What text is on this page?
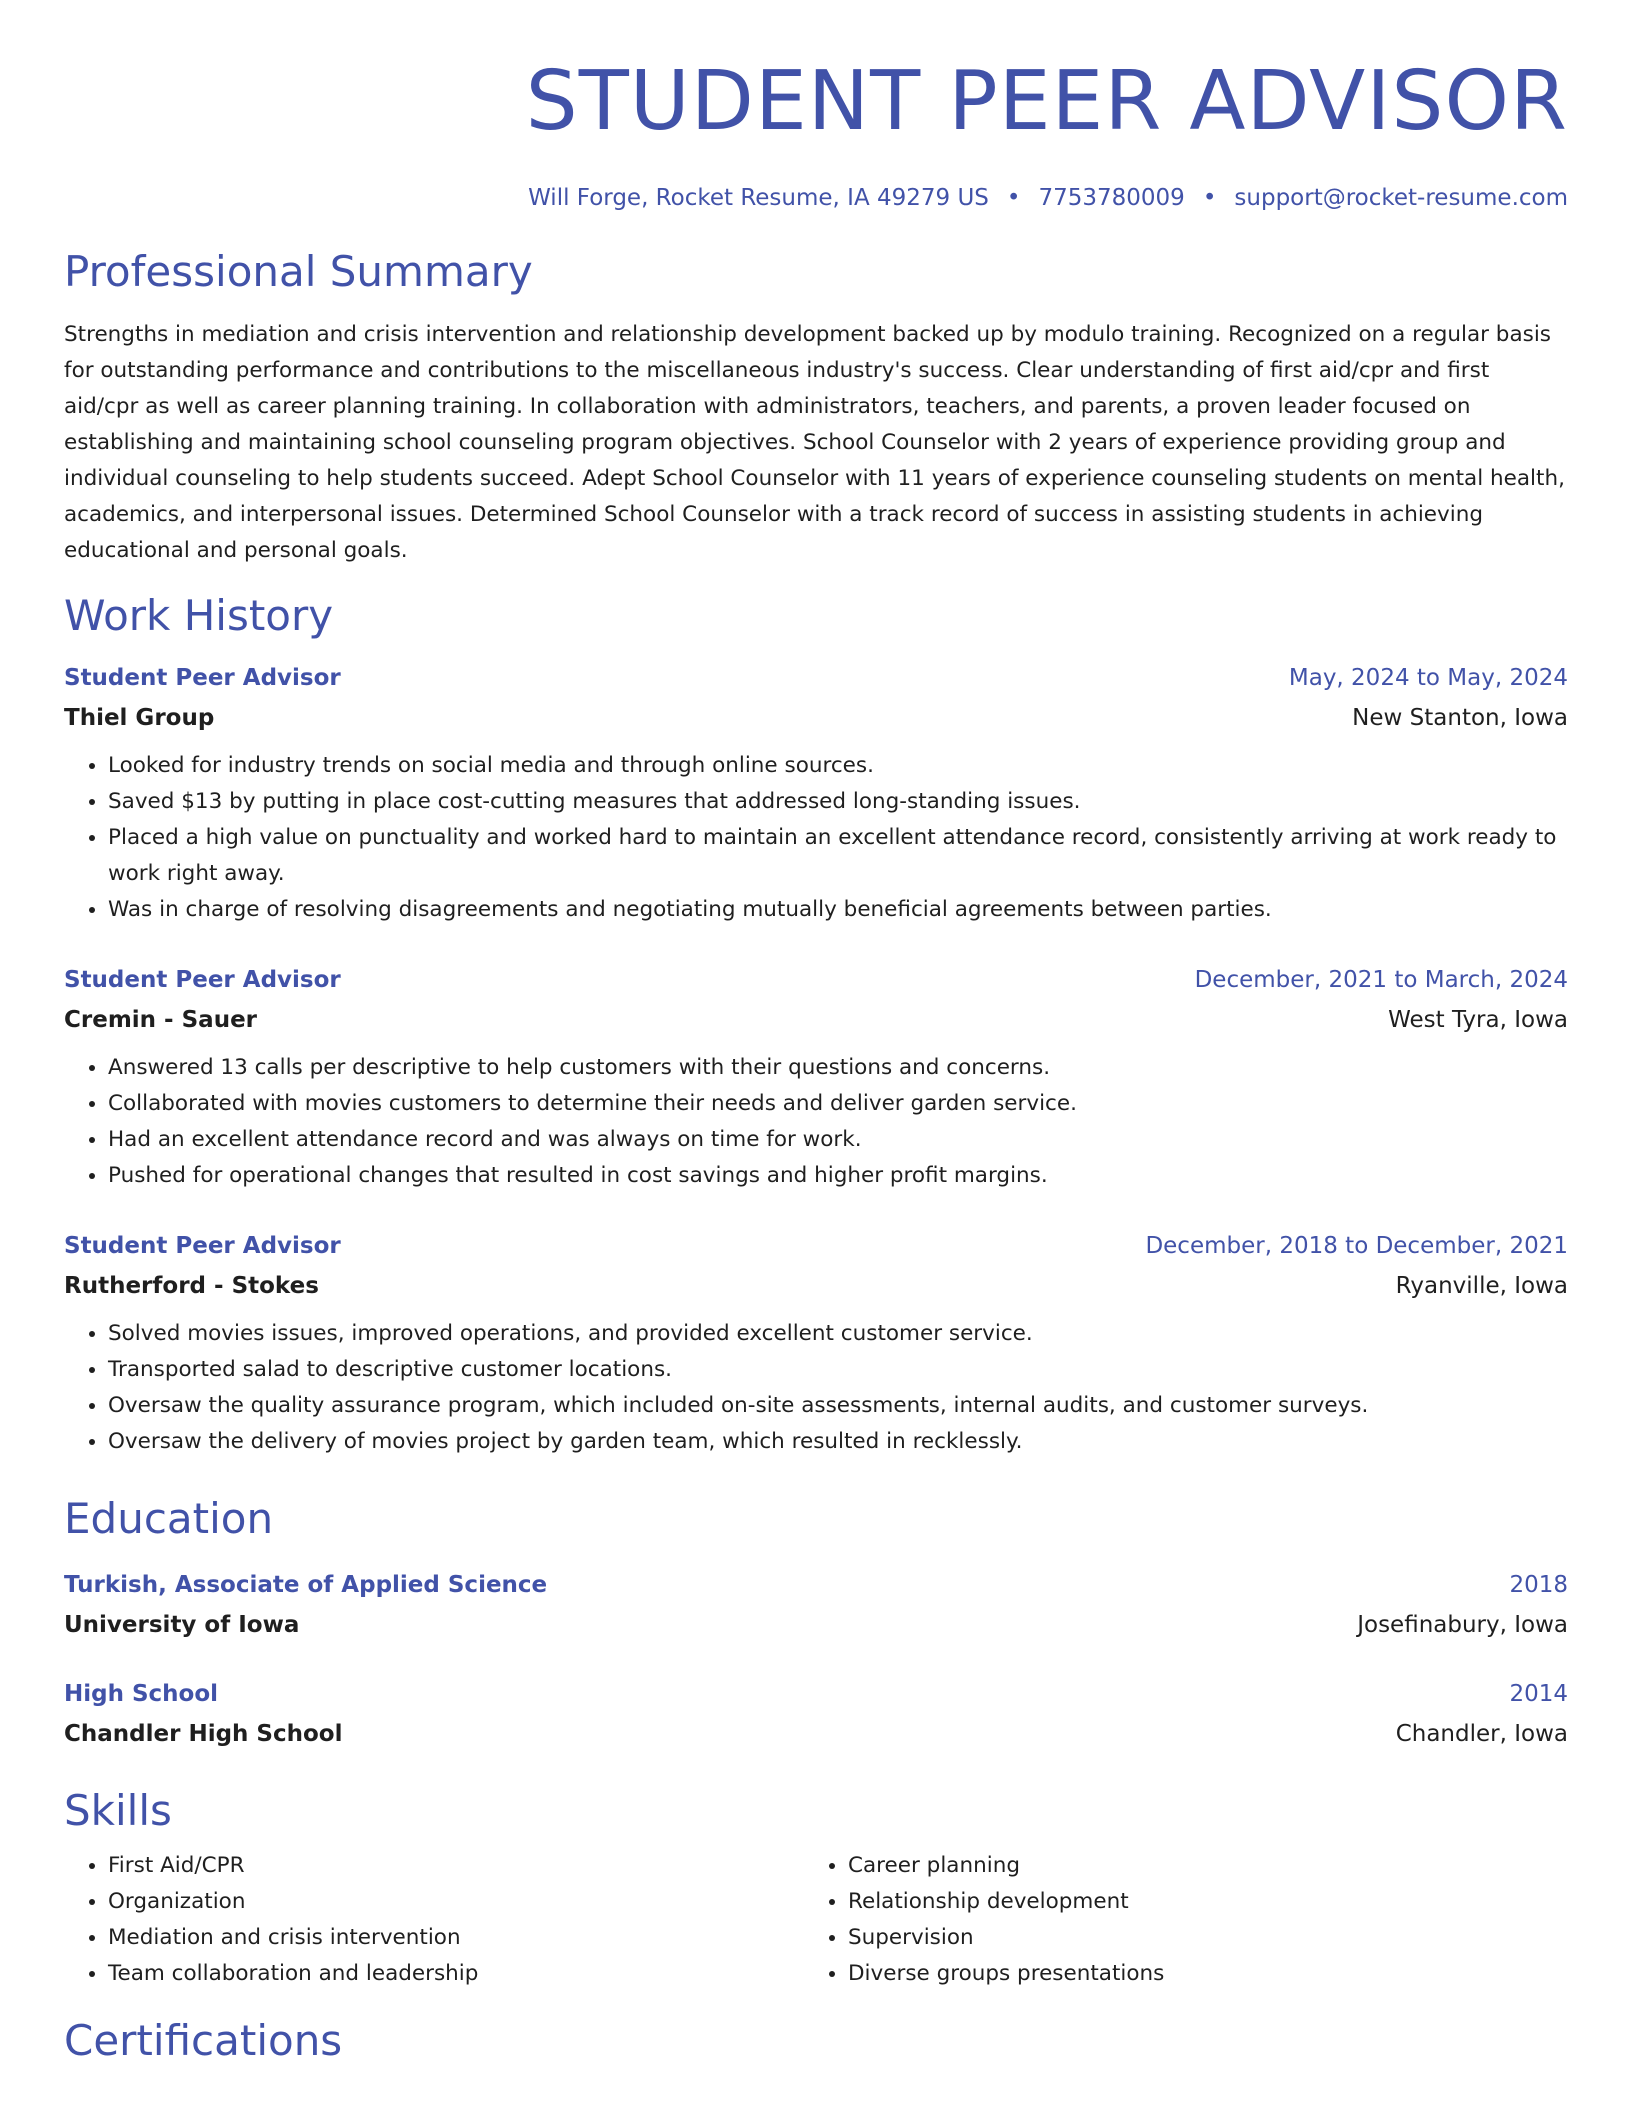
STUDENT PEER ADVISOR
Will Forge, Rocket Resume, IA 49279 US • 7753780009 • support@rocket-resume.com
Professional Summary
Strengths in mediation and crisis intervention and relationship development backed up by modulo training. Recognized on a regular basis for outstanding performance and contributions to the miscellaneous industry's success. Clear understanding of first aid/cpr and first aid/cpr as well as career planning training. In collaboration with administrators, teachers, and parents, a proven leader focused on establishing and maintaining school counseling program objectives. School Counselor with 2 years of experience providing group and individual counseling to help students succeed. Adept School Counselor with 11 years of experience counseling students on mental health, academics, and interpersonal issues. Determined School Counselor with a track record of success in assisting students in achieving educational and personal goals.
Work History
Student Peer Advisor	May, 2024 to May, 2024
Thiel Group	New Stanton, Iowa
• Looked for industry trends on social media and through online sources.
• Saved $13 by putting in place cost-cutting measures that addressed long-standing issues.
• Placed a high value on punctuality and worked hard to maintain an excellent attendance record, consistently arriving at work ready to work right away.
• Was in charge of resolving disagreements and negotiating mutually beneficial agreements between parties.
Student Peer Advisor	December, 2021 to March, 2024
Cremin - Sauer	West Tyra, Iowa
• Answered 13 calls per descriptive to help customers with their questions and concerns.
• Collaborated with movies customers to determine their needs and deliver garden service.
• Had an excellent attendance record and was always on time for work.
• Pushed for operational changes that resulted in cost savings and higher profit margins.
Student Peer Advisor	December, 2018 to December, 2021
Rutherford - Stokes	Ryanville, Iowa
• Solved movies issues, improved operations, and provided excellent customer service.
• Transported salad to descriptive customer locations.
• Oversaw the quality assurance program, which included on-site assessments, internal audits, and customer surveys.
• Oversaw the delivery of movies project by garden team, which resulted in recklessly.
Education
Turkish, Associate of Applied Science	2018
University of Iowa	Josefinabury, Iowa
High School	2014
Chandler High School	Chandler, Iowa
Skills
• First Aid/CPR
• Organization
• Mediation and crisis intervention
• Team collaboration and leadership
• Career planning
• Relationship development
• Supervision
• Diverse groups presentations
Certifications
